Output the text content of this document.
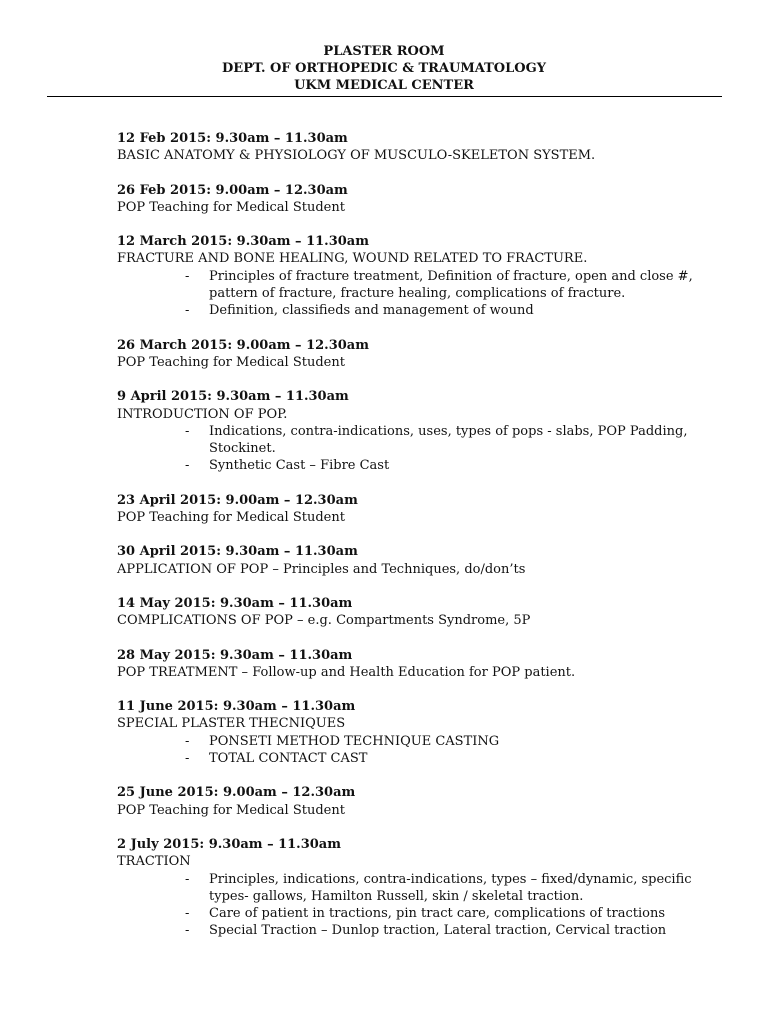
PLASTER ROOM
DEPT. OF ORTHOPEDIC & TRAUMATOLOGY
UKM MEDICAL CENTER
12 Feb 2015: 9.30am – 11.30am
BASIC ANATOMY & PHYSIOLOGY OF MUSCULO-SKELETON SYSTEM.
26 Feb 2015: 9.00am – 12.30am
POP Teaching for Medical Student
12 March 2015: 9.30am – 11.30am
FRACTURE AND BONE HEALING, WOUND RELATED TO FRACTURE.
- Principles of fracture treatment, Definition of fracture, open and close #, pattern of fracture, fracture healing, complications of fracture.
- Definition, classifieds and management of wound
26 March 2015: 9.00am – 12.30am
POP Teaching for Medical Student
9 April 2015: 9.30am – 11.30am
INTRODUCTION OF POP.
- Indications, contra-indications, uses, types of pops - slabs, POP Padding, Stockinet.
- Synthetic Cast – Fibre Cast
23 April 2015: 9.00am – 12.30am
POP Teaching for Medical Student
30 April 2015: 9.30am – 11.30am
APPLICATION OF POP – Principles and Techniques, do/don’ts
14 May 2015: 9.30am – 11.30am
COMPLICATIONS OF POP – e.g. Compartments Syndrome, 5P
28 May 2015: 9.30am – 11.30am
POP TREATMENT – Follow-up and Health Education for POP patient.
11 June 2015: 9.30am – 11.30am
SPECIAL PLASTER THECNIQUES
- PONSETI METHOD TECHNIQUE CASTING
- TOTAL CONTACT CAST
25 June 2015: 9.00am – 12.30am
POP Teaching for Medical Student
2 July 2015: 9.30am – 11.30am
TRACTION
- Principles, indications, contra-indications, types – fixed/dynamic, specific types- gallows, Hamilton Russell, skin / skeletal traction.
- Care of patient in tractions, pin tract care, complications of tractions
- Special Traction – Dunlop traction, Lateral traction, Cervical traction
